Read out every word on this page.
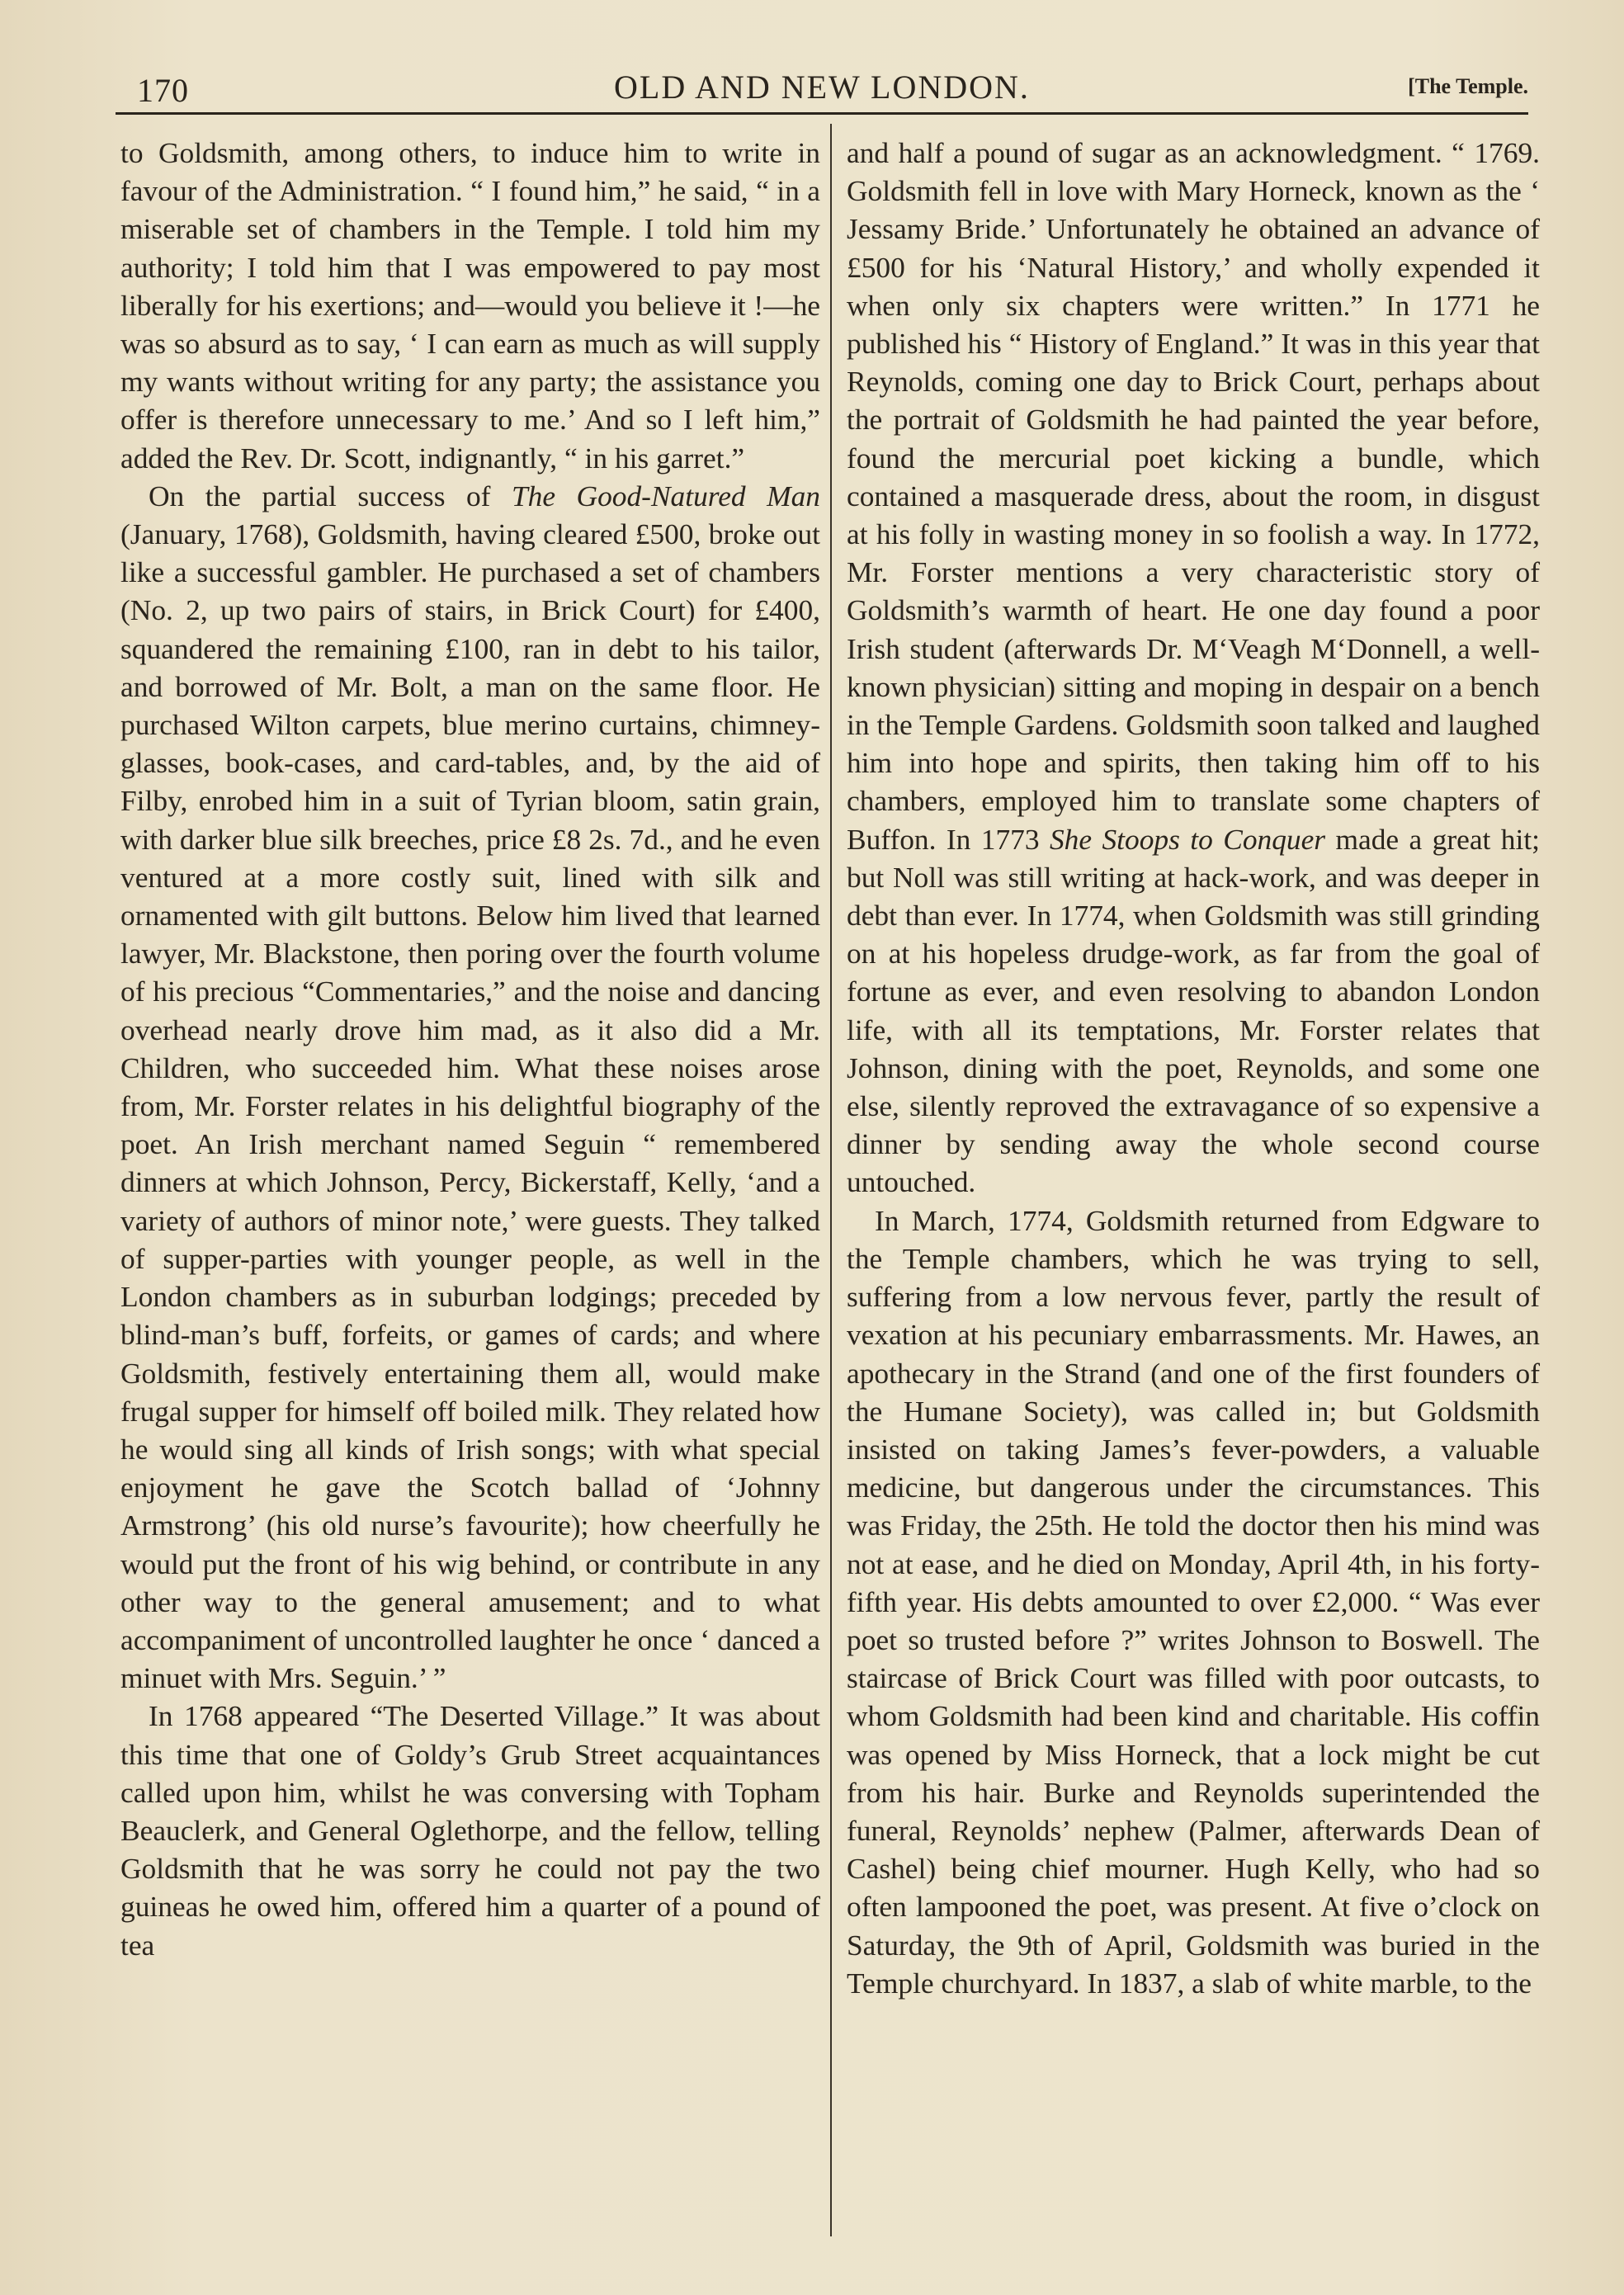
170	OLD AND NEW LONDON.	[The Temple.

to Goldsmith, among others, to induce him to write in favour of the Administration. “ I found him,” he said, “ in a miserable set of chambers in the Temple. I told him my authority; I told him that I was empowered to pay most liberally for his exertions; and—would you believe it !—he was so absurd as to say, ‘ I can earn as much as will supply my wants without writing for any party; the assistance you offer is therefore unnecessary to me.’ And so I left him,” added the Rev. Dr. Scott, indignantly, “ in his garret.”

On the partial success of The Good-Natured Man (January, 1768), Goldsmith, having cleared £500, broke out like a successful gambler. He purchased a set of chambers (No. 2, up two pairs of stairs, in Brick Court) for £400, squandered the remaining £100, ran in debt to his tailor, and borrowed of Mr. Bolt, a man on the same floor. He purchased Wilton carpets, blue merino curtains, chimney-glasses, book-cases, and card-tables, and, by the aid of Filby, enrobed him in a suit of Tyrian bloom, satin grain, with darker blue silk breeches, price £8 2s. 7d., and he even ventured at a more costly suit, lined with silk and ornamented with gilt buttons. Below him lived that learned lawyer, Mr. Blackstone, then poring over the fourth volume of his precious “Commentaries,” and the noise and dancing overhead nearly drove him mad, as it also did a Mr. Children, who succeeded him. What these noises arose from, Mr. Forster relates in his delightful biography of the poet. An Irish merchant named Seguin “ remembered dinners at which Johnson, Percy, Bickerstaff, Kelly, ‘and a variety of authors of minor note,’ were guests. They talked of supper-parties with younger people, as well in the London chambers as in suburban lodgings; preceded by blind-man’s buff, forfeits, or games of cards; and where Goldsmith, festively entertaining them all, would make frugal supper for himself off boiled milk. They related how he would sing all kinds of Irish songs; with what special enjoyment he gave the Scotch ballad of ‘Johnny Armstrong’ (his old nurse’s favourite); how cheerfully he would put the front of his wig behind, or contribute in any other way to the general amusement; and to what accompaniment of uncontrolled laughter he once ‘ danced a minuet with Mrs. Seguin.’ ”

In 1768 appeared “The Deserted Village.” It was about this time that one of Goldy’s Grub Street acquaintances called upon him, whilst he was conversing with Topham Beauclerk, and General Oglethorpe, and the fellow, telling Goldsmith that he was sorry he could not pay the two guineas he owed him, offered him a quarter of a pound of tea

and half a pound of sugar as an acknowledgment. “ 1769. Goldsmith fell in love with Mary Horneck, known as the ‘ Jessamy Bride.’ Unfortunately he obtained an advance of £500 for his ‘Natural History,’ and wholly expended it when only six chapters were written.” In 1771 he published his “ History of England.” It was in this year that Reynolds, coming one day to Brick Court, perhaps about the portrait of Goldsmith he had painted the year before, found the mercurial poet kicking a bundle, which contained a masquerade dress, about the room, in disgust at his folly in wasting money in so foolish a way. In 1772, Mr. Forster mentions a very characteristic story of Goldsmith’s warmth of heart. He one day found a poor Irish student (afterwards Dr. M‘Veagh M‘Donnell, a well-known physician) sitting and moping in despair on a bench in the Temple Gardens. Goldsmith soon talked and laughed him into hope and spirits, then taking him off to his chambers, employed him to translate some chapters of Buffon. In 1773 She Stoops to Conquer made a great hit; but Noll was still writing at hack-work, and was deeper in debt than ever. In 1774, when Goldsmith was still grinding on at his hopeless drudge-work, as far from the goal of fortune as ever, and even resolving to abandon London life, with all its temptations, Mr. Forster relates that Johnson, dining with the poet, Reynolds, and some one else, silently reproved the extravagance of so expensive a dinner by sending away the whole second course untouched.

In March, 1774, Goldsmith returned from Edgware to the Temple chambers, which he was trying to sell, suffering from a low nervous fever, partly the result of vexation at his pecuniary embarrassments. Mr. Hawes, an apothecary in the Strand (and one of the first founders of the Humane Society), was called in; but Goldsmith insisted on taking James’s fever-powders, a valuable medicine, but dangerous under the circumstances. This was Friday, the 25th. He told the doctor then his mind was not at ease, and he died on Monday, April 4th, in his forty-fifth year. His debts amounted to over £2,000. “ Was ever poet so trusted before ?” writes Johnson to Boswell. The staircase of Brick Court was filled with poor outcasts, to whom Goldsmith had been kind and charitable. His coffin was opened by Miss Horneck, that a lock might be cut from his hair. Burke and Reynolds superintended the funeral, Reynolds’ nephew (Palmer, afterwards Dean of Cashel) being chief mourner. Hugh Kelly, who had so often lampooned the poet, was present. At five o’clock on Saturday, the 9th of April, Goldsmith was buried in the Temple churchyard. In 1837, a slab of white marble, to the
